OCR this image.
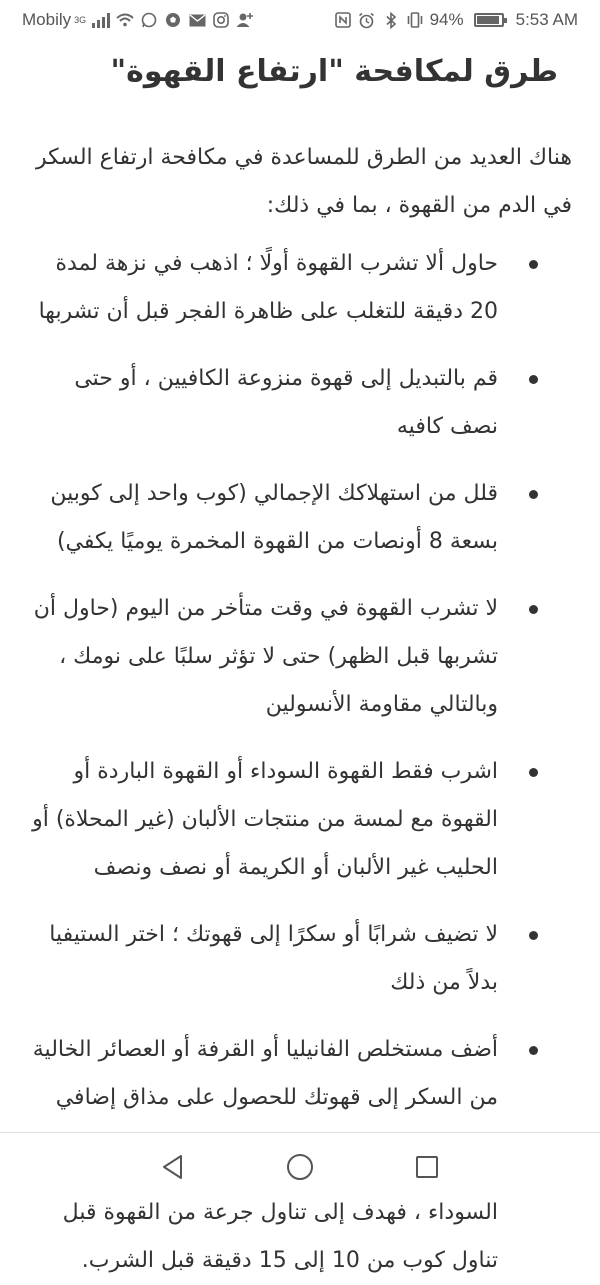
Mobily 3G	94%	5:53 AM
طرق لمكافحة "ارتفاع القهوة"

هناك العديد من الطرق للمساعدة في مكافحة ارتفاع السكر في الدم من القهوة ، بما في ذلك:

حاول ألا تشرب القهوة أولًا ؛ اذهب في نزهة لمدة 20 دقيقة للتغلب على ظاهرة الفجر قبل أن تشربها
قم بالتبديل إلى قهوة منزوعة الكافيين ، أو حتى نصف كافيه
قلل من استهلاكك الإجمالي (كوب واحد إلى كوبين بسعة 8 أونصات من القهوة المخمرة يوميًا يكفي)
لا تشرب القهوة في وقت متأخر من اليوم (حاول أن تشربها قبل الظهر) حتى لا تؤثر سلبًا على نومك ، وبالتالي مقاومة الأنسولين
اشرب فقط القهوة السوداء أو القهوة الباردة أو القهوة مع لمسة من منتجات الألبان (غير المحلاة) أو الحليب غير الألبان أو الكريمة أو نصف ونصف
لا تضيف شرابًا أو سكرًا إلى قهوتك ؛ اختر الستيفيا بدلاً من ذلك
أضف مستخلص الفانيليا أو القرفة أو العصائر الخالية من السكر إلى قهوتك للحصول على مذاق إضافي
السوداء ، فهدف إلى تناول جرعة من القهوة قبل تناول كوب من 10 إلى 15 دقيقة قبل الشرب.
